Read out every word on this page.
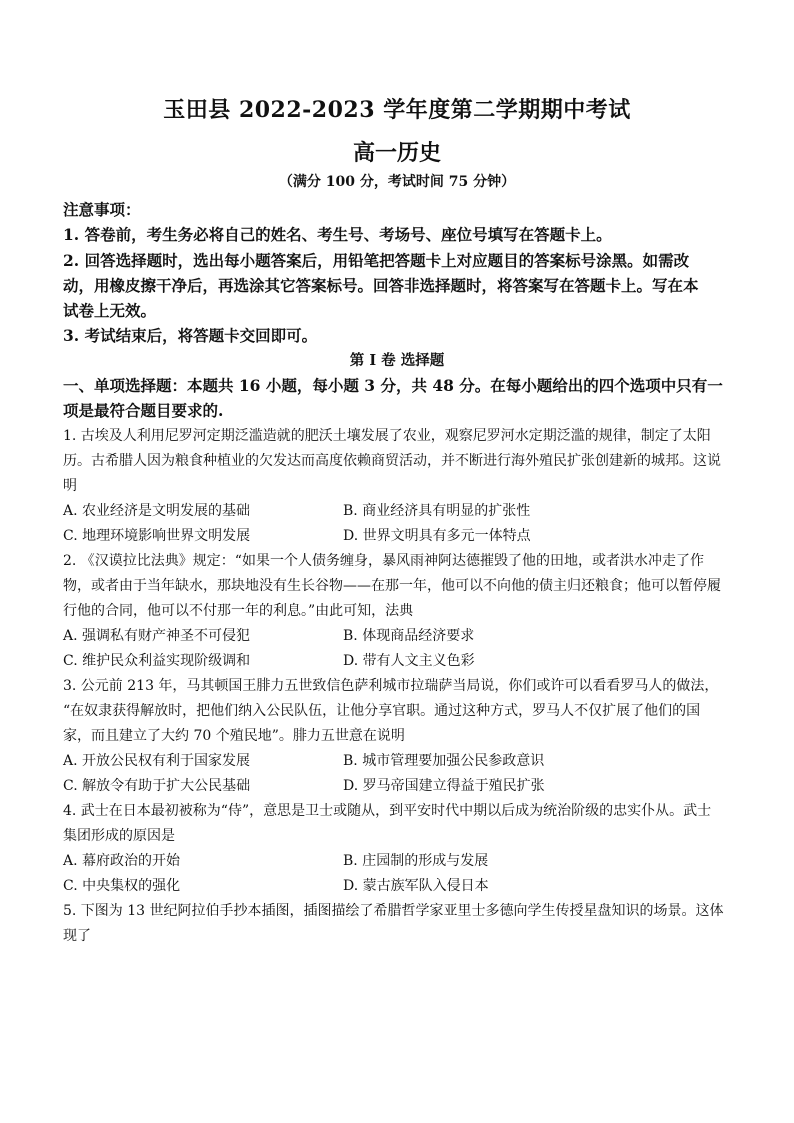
玉田县 2022-2023 学年度第二学期期中考试
高一历史
（满分 100 分，考试时间 75 分钟）
注意事项：
1. 答卷前，考生务必将自己的姓名、考生号、考场号、座位号填写在答题卡上。
2. 回答选择题时，选出每小题答案后，用铅笔把答题卡上对应题目的答案标号涂黑。如需改
动，用橡皮擦干净后，再选涂其它答案标号。回答非选择题时，将答案写在答题卡上。写在本
试卷上无效。
3. 考试结束后，将答题卡交回即可。
第 I 卷 选择题
一、单项选择题：本题共 16 小题，每小题 3 分，共 48 分。在每小题给出的四个选项中只有一
项是最符合题目要求的.
1. 古埃及人利用尼罗河定期泛滥造就的肥沃土壤发展了农业，观察尼罗河水定期泛滥的规律，制定了太阳
历。古希腊人因为粮食种植业的欠发达而高度依赖商贸活动，并不断进行海外殖民扩张创建新的城邦。这说
明
A. 农业经济是文明发展的基础	B. 商业经济具有明显的扩张性
C. 地理环境影响世界文明发展	D. 世界文明具有多元一体特点
2. 《汉谟拉比法典》规定：“如果一个人债务缠身，暴风雨神阿达德摧毁了他的田地，或者洪水冲走了作
物，或者由于当年缺水，那块地没有生长谷物——在那一年，他可以不向他的债主归还粮食；他可以暂停履
行他的合同，他可以不付那一年的利息。”由此可知，法典
A. 强调私有财产神圣不可侵犯	B. 体现商品经济要求
C. 维护民众利益实现阶级调和	D. 带有人文主义色彩
3. 公元前 213 年，马其顿国王腓力五世致信色萨利城市拉瑞萨当局说，你们或许可以看看罗马人的做法，
“在奴隶获得解放时，把他们纳入公民队伍，让他分享官职。通过这种方式，罗马人不仅扩展了他们的国
家，而且建立了大约 70 个殖民地”。腓力五世意在说明
A. 开放公民权有利于国家发展	B. 城市管理要加强公民参政意识
C. 解放令有助于扩大公民基础	D. 罗马帝国建立得益于殖民扩张
4. 武士在日本最初被称为“侍”，意思是卫士或随从，到平安时代中期以后成为统治阶级的忠实仆从。武士
集团形成的原因是
A. 幕府政治的开始	B. 庄园制的形成与发展
C. 中央集权的强化	D. 蒙古族军队入侵日本
5. 下图为 13 世纪阿拉伯手抄本插图，插图描绘了希腊哲学家亚里士多德向学生传授星盘知识的场景。这体
现了
